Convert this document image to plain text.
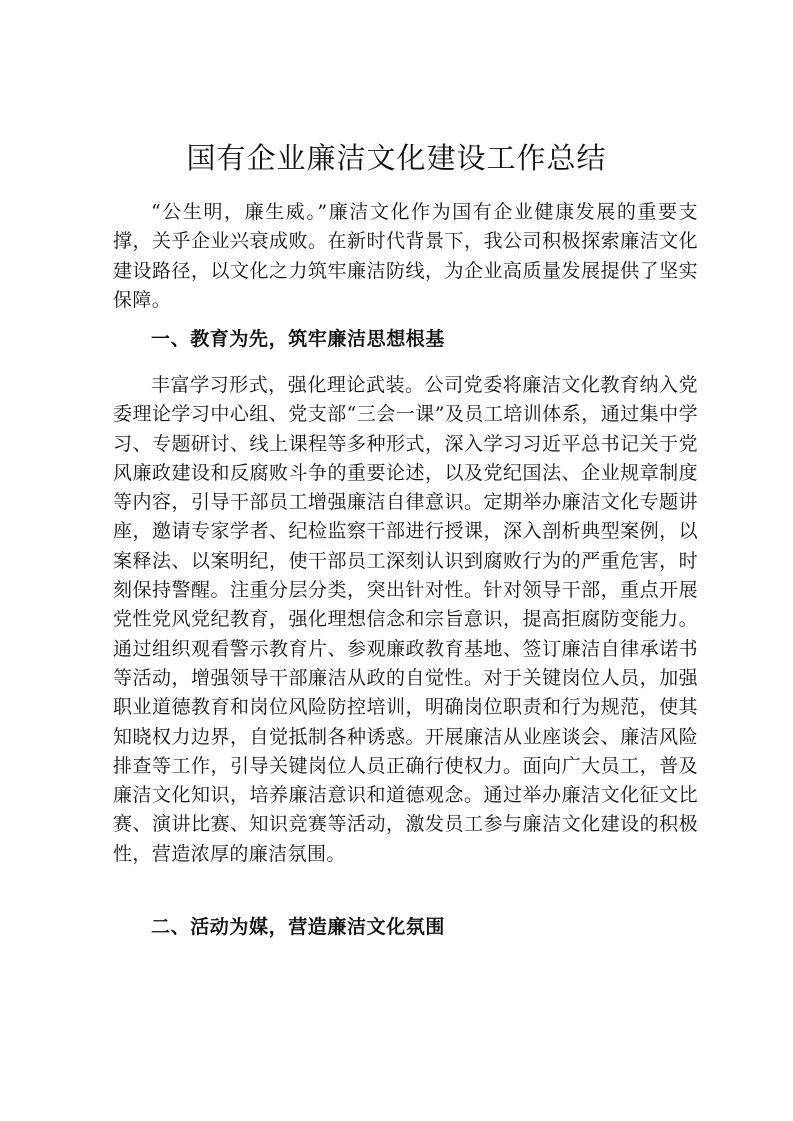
国有企业廉洁文化建设工作总结

“公生明，廉生威。”廉洁文化作为国有企业健康发展的重要支撑，关乎企业兴衰成败。在新时代背景下，我公司积极探索廉洁文化建设路径，以文化之力筑牢廉洁防线，为企业高质量发展提供了坚实保障。

一、教育为先，筑牢廉洁思想根基

丰富学习形式，强化理论武装。公司党委将廉洁文化教育纳入党委理论学习中心组、党支部“三会一课”及员工培训体系，通过集中学习、专题研讨、线上课程等多种形式，深入学习习近平总书记关于党风廉政建设和反腐败斗争的重要论述，以及党纪国法、企业规章制度等内容，引导干部员工增强廉洁自律意识。定期举办廉洁文化专题讲座，邀请专家学者、纪检监察干部进行授课，深入剖析典型案例，以案释法、以案明纪，使干部员工深刻认识到腐败行为的严重危害，时刻保持警醒。注重分层分类，突出针对性。针对领导干部，重点开展党性党风党纪教育，强化理想信念和宗旨意识，提高拒腐防变能力。通过组织观看警示教育片、参观廉政教育基地、签订廉洁自律承诺书等活动，增强领导干部廉洁从政的自觉性。对于关键岗位人员，加强职业道德教育和岗位风险防控培训，明确岗位职责和行为规范，使其知晓权力边界，自觉抵制各种诱惑。开展廉洁从业座谈会、廉洁风险排查等工作，引导关键岗位人员正确行使权力。面向广大员工，普及廉洁文化知识，培养廉洁意识和道德观念。通过举办廉洁文化征文比赛、演讲比赛、知识竞赛等活动，激发员工参与廉洁文化建设的积极性，营造浓厚的廉洁氛围。

二、活动为媒，营造廉洁文化氛围
